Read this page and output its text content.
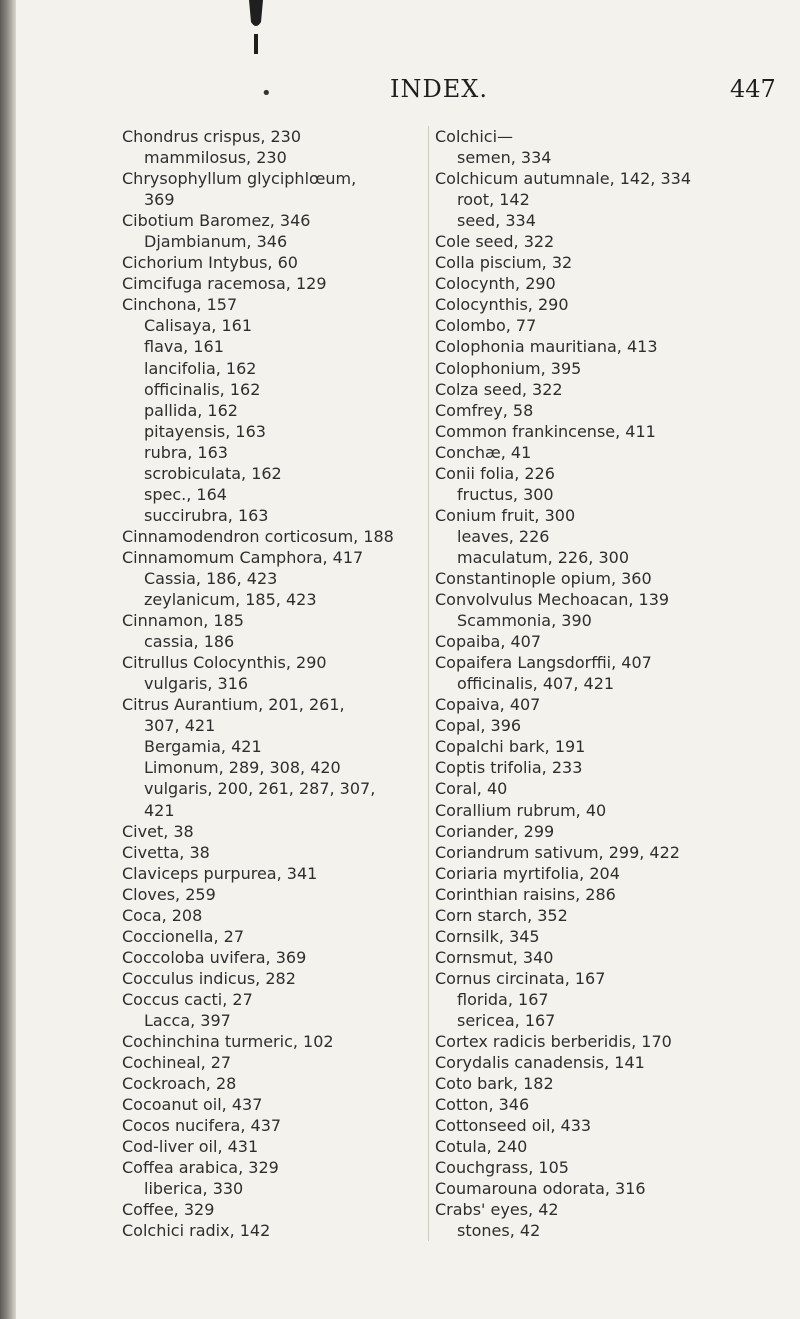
•	INDEX.	447
Chondrus crispus, 230
mammilosus, 230
Chrysophyllum glyciphlœum,
369
Cibotium Baromez, 346
Djambianum, 346
Cichorium Intybus, 60
Cimcifuga racemosa, 129
Cinchona, 157
Calisaya, 161
flava, 161
lancifolia, 162
officinalis, 162
pallida, 162
pitayensis, 163
rubra, 163
scrobiculata, 162
spec., 164
succirubra, 163
Cinnamodendron corticosum, 188
Cinnamomum Camphora, 417
Cassia, 186, 423
zeylanicum, 185, 423
Cinnamon, 185
cassia, 186
Citrullus Colocynthis, 290
vulgaris, 316
Citrus Aurantium, 201, 261,
307, 421
Bergamia, 421
Limonum, 289, 308, 420
vulgaris, 200, 261, 287, 307,
421
Civet, 38
Civetta, 38
Claviceps purpurea, 341
Cloves, 259
Coca, 208
Coccionella, 27
Coccoloba uvifera, 369
Cocculus indicus, 282
Coccus cacti, 27
Lacca, 397
Cochinchina turmeric, 102
Cochineal, 27
Cockroach, 28
Cocoanut oil, 437
Cocos nucifera, 437
Cod-liver oil, 431
Coffea arabica, 329
liberica, 330
Coffee, 329
Colchici radix, 142
Colchici—
semen, 334
Colchicum autumnale, 142, 334
root, 142
seed, 334
Cole seed, 322
Colla piscium, 32
Colocynth, 290
Colocynthis, 290
Colombo, 77
Colophonia mauritiana, 413
Colophonium, 395
Colza seed, 322
Comfrey, 58
Common frankincense, 411
Conchæ, 41
Conii folia, 226
fructus, 300
Conium fruit, 300
leaves, 226
maculatum, 226, 300
Constantinople opium, 360
Convolvulus Mechoacan, 139
Scammonia, 390
Copaiba, 407
Copaifera Langsdorffii, 407
officinalis, 407, 421
Copaiva, 407
Copal, 396
Copalchi bark, 191
Coptis trifolia, 233
Coral, 40
Corallium rubrum, 40
Coriander, 299
Coriandrum sativum, 299, 422
Coriaria myrtifolia, 204
Corinthian raisins, 286
Corn starch, 352
Cornsilk, 345
Cornsmut, 340
Cornus circinata, 167
florida, 167
sericea, 167
Cortex radicis berberidis, 170
Corydalis canadensis, 141
Coto bark, 182
Cotton, 346
Cottonseed oil, 433
Cotula, 240
Couchgrass, 105
Coumarouna odorata, 316
Crabs' eyes, 42
stones, 42
